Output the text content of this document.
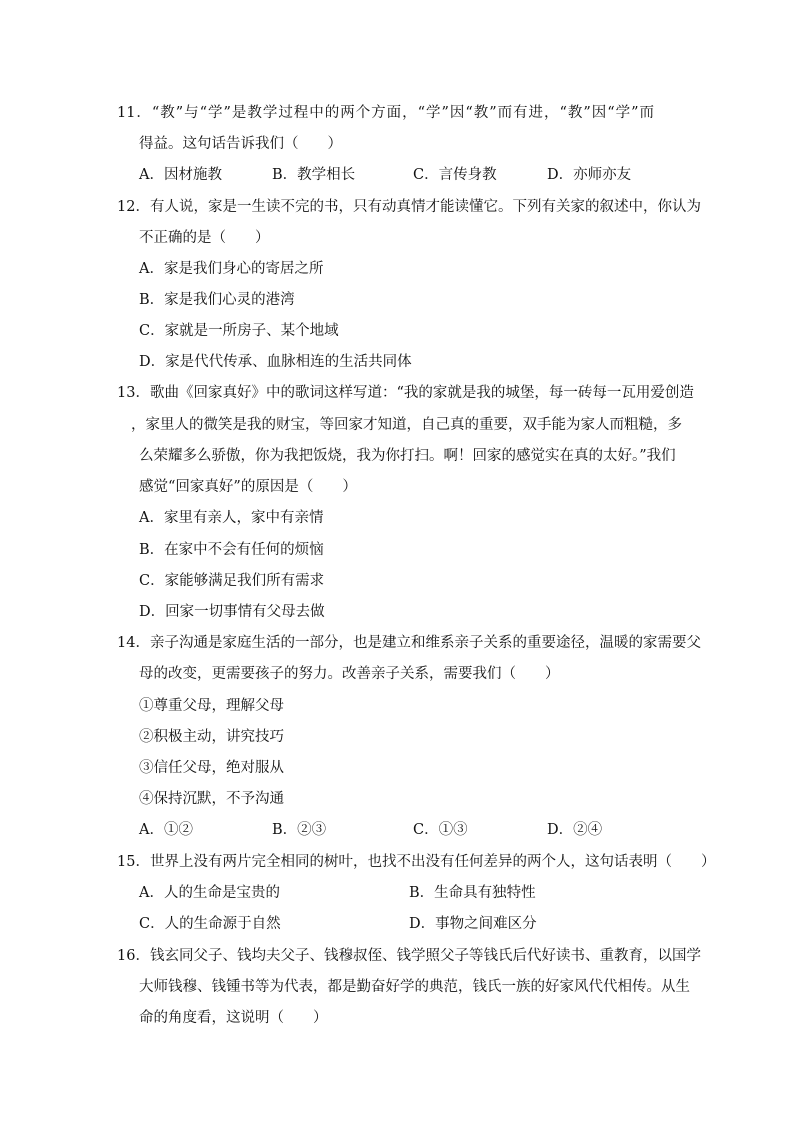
11．“教”与“学”是教学过程中的两个方面，“学”因“教”而有进，“教”因“学”而
得益。这句话告诉我们（　　）
A．因材施教	B．教学相长	C．言传身教	D．亦师亦友
12．有人说，家是一生读不完的书，只有动真情才能读懂它。下列有关家的叙述中，你认为
不正确的是（　　）
A．家是我们身心的寄居之所
B．家是我们心灵的港湾
C．家就是一所房子、某个地域
D．家是代代传承、血脉相连的生活共同体
13．歌曲《回家真好》中的歌词这样写道：“我的家就是我的城堡，每一砖每一瓦用爱创造
，家里人的微笑是我的财宝，等回家才知道，自己真的重要，双手能为家人而粗糙，多
么荣耀多么骄傲，你为我把饭烧，我为你打扫。啊！回家的感觉实在真的太好。”我们
感觉“回家真好”的原因是（　　）
A．家里有亲人，家中有亲情
B．在家中不会有任何的烦恼
C．家能够满足我们所有需求
D．回家一切事情有父母去做
14．亲子沟通是家庭生活的一部分，也是建立和维系亲子关系的重要途径，温暖的家需要父
母的改变，更需要孩子的努力。改善亲子关系，需要我们（　　）
①尊重父母，理解父母
②积极主动，讲究技巧
③信任父母，绝对服从
④保持沉默，不予沟通
A．①②	B．②③	C．①③	D．②④
15．世界上没有两片完全相同的树叶，也找不出没有任何差异的两个人，这句话表明（　　）
A．人的生命是宝贵的	B．生命具有独特性
C．人的生命源于自然	D．事物之间难区分
16．钱玄同父子、钱均夫父子、钱穆叔侄、钱学照父子等钱氏后代好读书、重教育，以国学
大师钱穆、钱锺书等为代表，都是勤奋好学的典范，钱氏一族的好家风代代相传。从生
命的角度看，这说明（　　）
